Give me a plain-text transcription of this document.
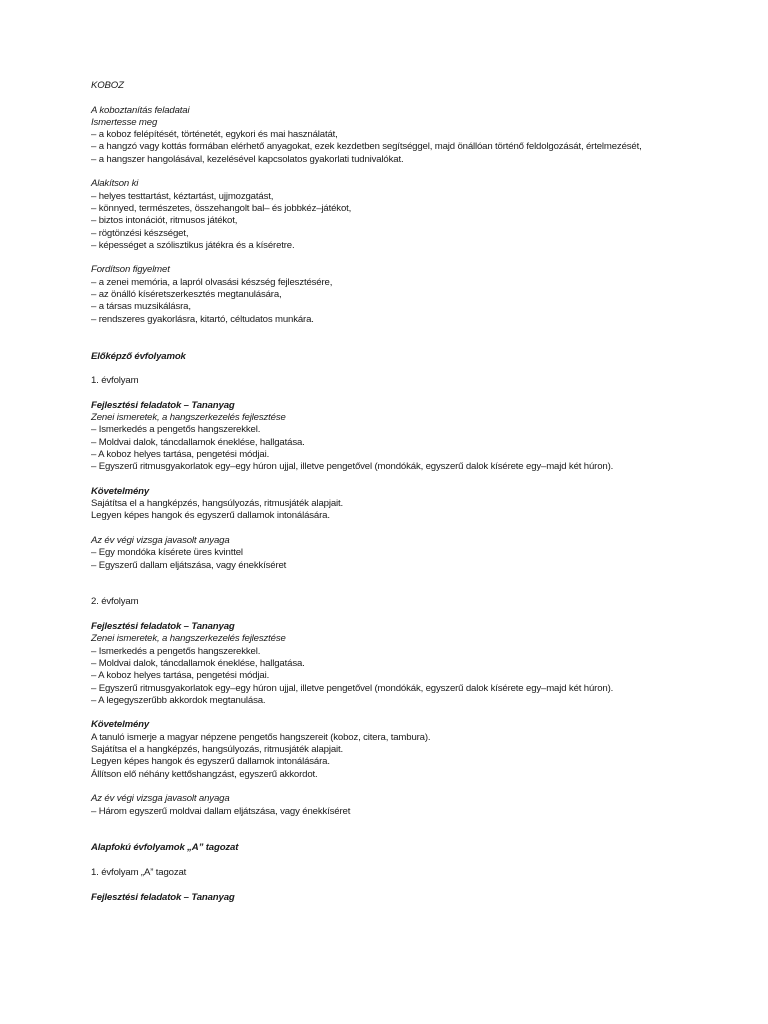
KOBOZ

A koboztanítás feladatai

Ismertesse meg

– a koboz felépítését, történetét, egykori és mai használatát,

– a hangzó vagy kottás formában elérhető anyagokat, ezek kezdetben segítséggel, majd önállóan történő feldolgozását, értelmezését,

– a hangszer hangolásával, kezelésével kapcsolatos gyakorlati tudnivalókat.

Alakítson ki

– helyes testtartást, kéztartást, ujjmozgatást,

– könnyed, természetes, összehangolt bal– és jobbkéz–játékot,

– biztos intonációt, ritmusos játékot,

– rögtönzési készséget,

– képességet a szólisztikus játékra és a kíséretre.

Fordítson figyelmet

– a zenei memória, a lapról olvasási készség fejlesztésére,

– az önálló kíséretszerkesztés megtanulására,

– a társas muzsikálásra,

– rendszeres gyakorlásra, kitartó, céltudatos munkára.

Előképző évfolyamok

1. évfolyam

Fejlesztési feladatok – Tananyag

Zenei ismeretek, a hangszerkezelés fejlesztése

– Ismerkedés a pengetős hangszerekkel.

– Moldvai dalok, táncdallamok éneklése, hallgatása.

– A koboz helyes tartása, pengetési módjai.

– Egyszerű ritmusgyakorlatok egy–egy húron ujjal, illetve pengetővel (mondókák, egyszerű dalok kísérete egy–majd két húron).

Követelmény

Sajátítsa el a hangképzés, hangsúlyozás, ritmusjáték alapjait.

Legyen képes hangok és egyszerű dallamok intonálására.

Az év végi vizsga javasolt anyaga

– Egy mondóka kísérete üres kvinttel

– Egyszerű dallam eljátszása, vagy énekkíséret

2. évfolyam

Fejlesztési feladatok – Tananyag

Zenei ismeretek, a hangszerkezelés fejlesztése

– Ismerkedés a pengetős hangszerekkel.

– Moldvai dalok, táncdallamok éneklése, hallgatása.

– A koboz helyes tartása, pengetési módjai.

– Egyszerű ritmusgyakorlatok egy–egy húron ujjal, illetve pengetővel (mondókák, egyszerű dalok kísérete egy–majd két húron).

– A legegyszerűbb akkordok megtanulása.

Követelmény

A tanuló ismerje a magyar népzene pengetős hangszereit (koboz, citera, tambura).

Sajátítsa el a hangképzés, hangsúlyozás, ritmusjáték alapjait.

Legyen képes hangok és egyszerű dallamok intonálására.

Állítson elő néhány kettőshangzást, egyszerű akkordot.

Az év végi vizsga javasolt anyaga

– Három egyszerű moldvai dallam eljátszása, vagy énekkíséret

Alapfokú évfolyamok „A” tagozat

1. évfolyam „A” tagozat

Fejlesztési feladatok – Tananyag
